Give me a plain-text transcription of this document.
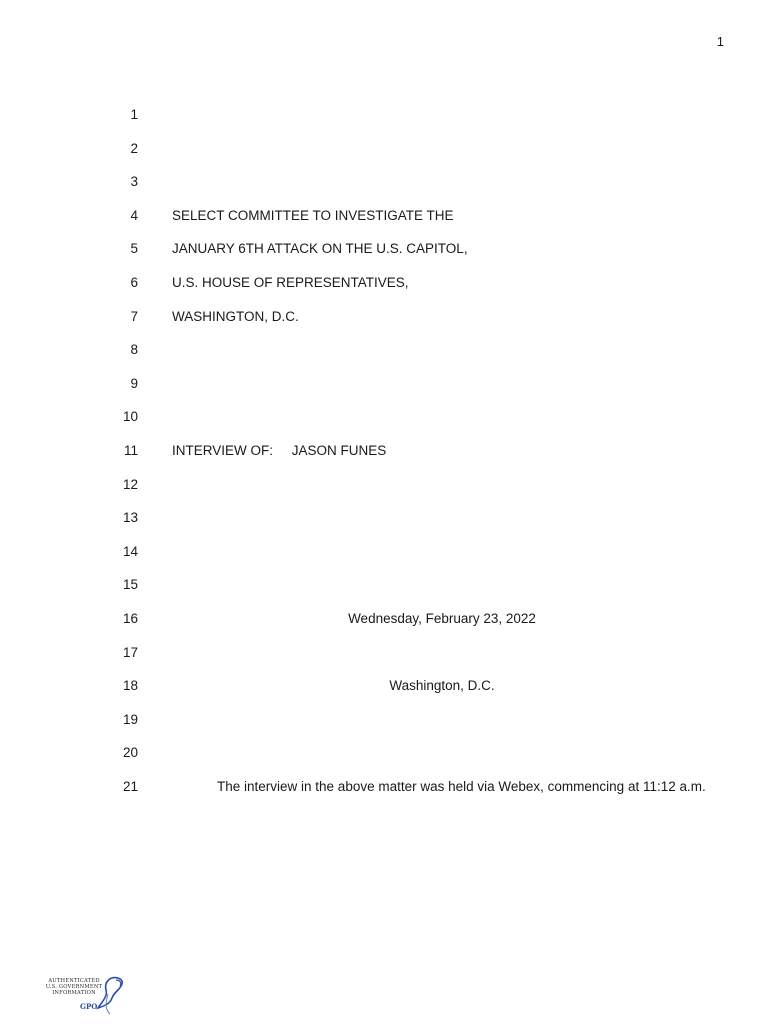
1
1
2
3
4	SELECT COMMITTEE TO INVESTIGATE THE
5	JANUARY 6TH ATTACK ON THE U.S. CAPITOL,
6	U.S. HOUSE OF REPRESENTATIVES,
7	WASHINGTON, D.C.
8
9
10
11	INTERVIEW OF:     JASON FUNES
12
13
14
15
16	Wednesday, February 23, 2022
17
18	Washington, D.C.
19
20
21	The interview in the above matter was held via Webex, commencing at 11:12 a.m.
AUTHENTICATED
U.S. GOVERNMENT
INFORMATION
GPO
